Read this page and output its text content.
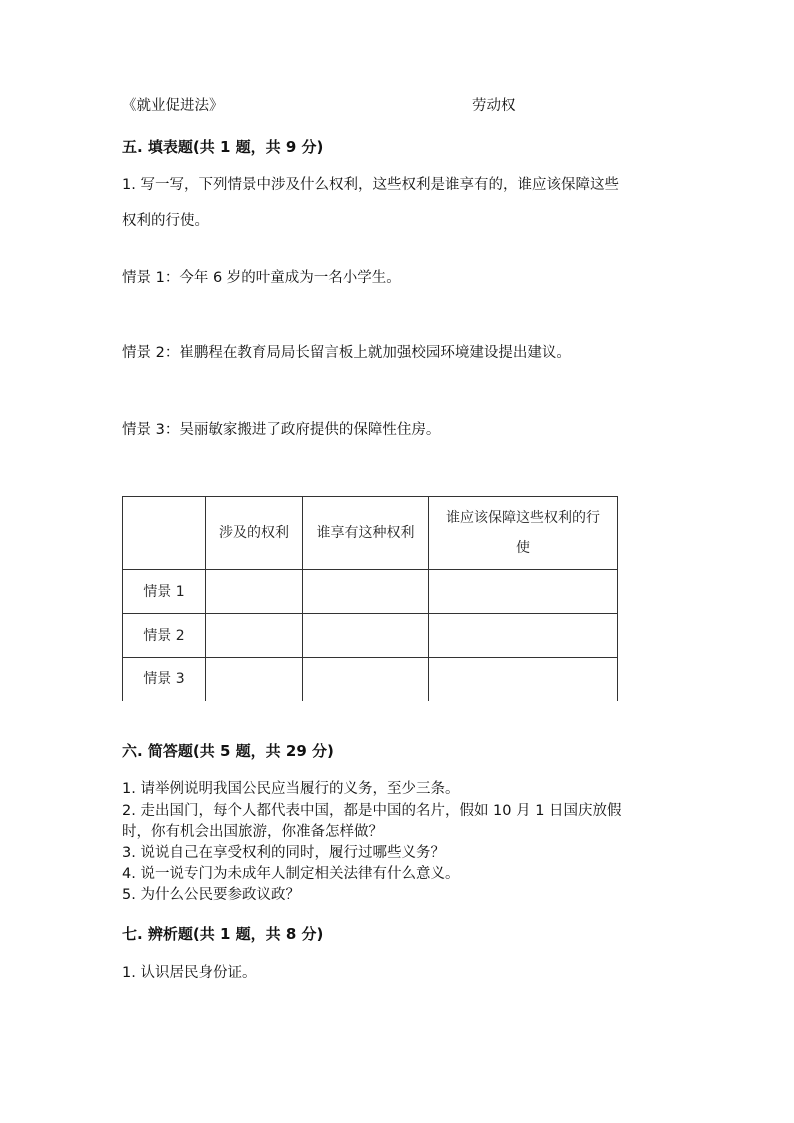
《就业促进法》	劳动权
五. 填表题(共 1 题，共 9 分)
1. 写一写，下列情景中涉及什么权利，这些权利是谁享有的，谁应该保障这些
权利的行使。
情景 1：今年 6 岁的叶童成为一名小学生。
情景 2：崔鹏程在教育局局长留言板上就加强校园环境建设提出建议。
情景 3：吴丽敏家搬进了政府提供的保障性住房。
	涉及的权利	谁享有这种权利	谁应该保障这些权利的行使

情景 1			
情景 2			
情景 3			
六. 简答题(共 5 题，共 29 分)
1. 请举例说明我国公民应当履行的义务，至少三条。
2. 走出国门，每个人都代表中国，都是中国的名片，假如 10 月 1 日国庆放假
时，你有机会出国旅游，你准备怎样做？
3. 说说自己在享受权利的同时，履行过哪些义务？
4. 说一说专门为未成年人制定相关法律有什么意义。
5. 为什么公民要参政议政？
七. 辨析题(共 1 题，共 8 分)
1. 认识居民身份证。
